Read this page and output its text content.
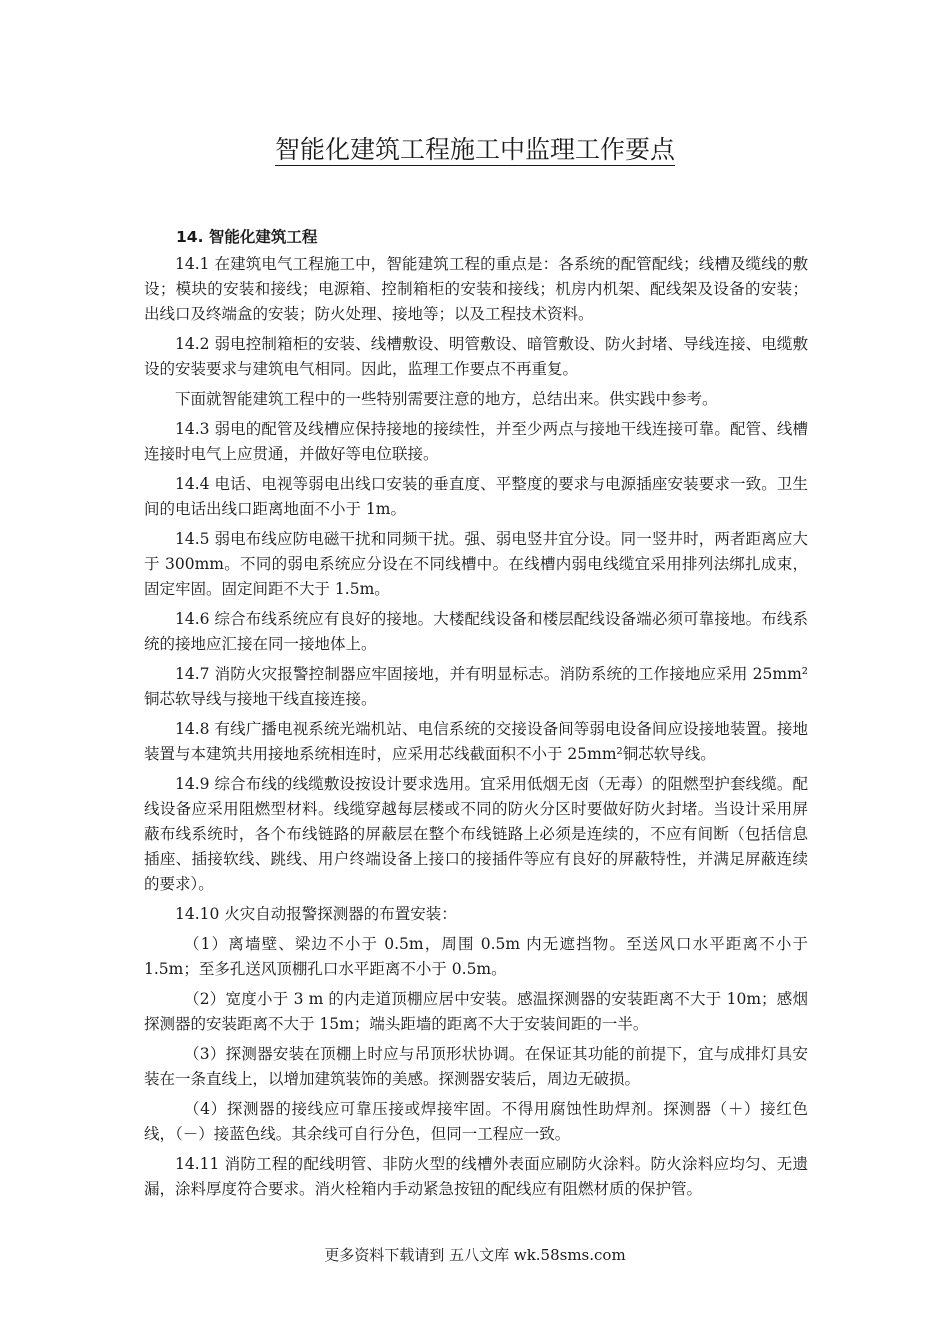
智能化建筑工程施工中监理工作要点
14. 智能化建筑工程

14.1 在建筑电气工程施工中，智能建筑工程的重点是：各系统的配管配线；线槽及缆线的敷设；模块的安装和接线；电源箱、控制箱柜的安装和接线；机房内机架、配线架及设备的安装；出线口及终端盒的安装；防火处理、接地等；以及工程技术资料。

14.2 弱电控制箱柜的安装、线槽敷设、明管敷设、暗管敷设、防火封堵、导线连接、电缆敷设的安装要求与建筑电气相同。因此，监理工作要点不再重复。

下面就智能建筑工程中的一些特别需要注意的地方，总结出来。供实践中参考。

14.3 弱电的配管及线槽应保持接地的接续性，并至少两点与接地干线连接可靠。配管、线槽连接时电气上应贯通，并做好等电位联接。

14.4 电话、电视等弱电出线口安装的垂直度、平整度的要求与电源插座安装要求一致。卫生间的电话出线口距离地面不小于 1m。

14.5 弱电布线应防电磁干扰和同频干扰。强、弱电竖井宜分设。同一竖井时，两者距离应大于 300mm。不同的弱电系统应分设在不同线槽中。在线槽内弱电线缆宜采用排列法绑扎成束，固定牢固。固定间距不大于 1.5m。

14.6 综合布线系统应有良好的接地。大楼配线设备和楼层配线设备端必须可靠接地。布线系统的接地应汇接在同一接地体上。

14.7 消防火灾报警控制器应牢固接地，并有明显标志。消防系统的工作接地应采用 25mm²铜芯软导线与接地干线直接连接。

14.8 有线广播电视系统光端机站、电信系统的交接设备间等弱电设备间应设接地装置。接地装置与本建筑共用接地系统相连时，应采用芯线截面积不小于 25mm²铜芯软导线。

14.9 综合布线的线缆敷设按设计要求选用。宜采用低烟无卤（无毒）的阻燃型护套线缆。配线设备应采用阻燃型材料。线缆穿越每层楼或不同的防火分区时要做好防火封堵。当设计采用屏蔽布线系统时，各个布线链路的屏蔽层在整个布线链路上必须是连续的，不应有间断（包括信息插座、插接软线、跳线、用户终端设备上接口的接插件等应有良好的屏蔽特性，并满足屏蔽连续的要求）。

14.10 火灾自动报警探测器的布置安装：

（1）离墙壁、梁边不小于 0.5m，周围 0.5m 内无遮挡物。至送风口水平距离不小于 1.5m；至多孔送风顶棚孔口水平距离不小于 0.5m。

（2）宽度小于 3 m 的内走道顶棚应居中安装。感温探测器的安装距离不大于 10m；感烟探测器的安装距离不大于 15m；端头距墙的距离不大于安装间距的一半。

（3）探测器安装在顶棚上时应与吊顶形状协调。在保证其功能的前提下，宜与成排灯具安装在一条直线上，以增加建筑装饰的美感。探测器安装后，周边无破损。

（4）探测器的接线应可靠压接或焊接牢固。不得用腐蚀性助焊剂。探测器（＋）接红色线，（－）接蓝色线。其余线可自行分色，但同一工程应一致。

14.11 消防工程的配线明管、非防火型的线槽外表面应刷防火涂料。防火涂料应均匀、无遗漏，涂料厚度符合要求。消火栓箱内手动紧急按钮的配线应有阻燃材质的保护管。

更多资料下载请到 五八文库 wk.58sms.com
